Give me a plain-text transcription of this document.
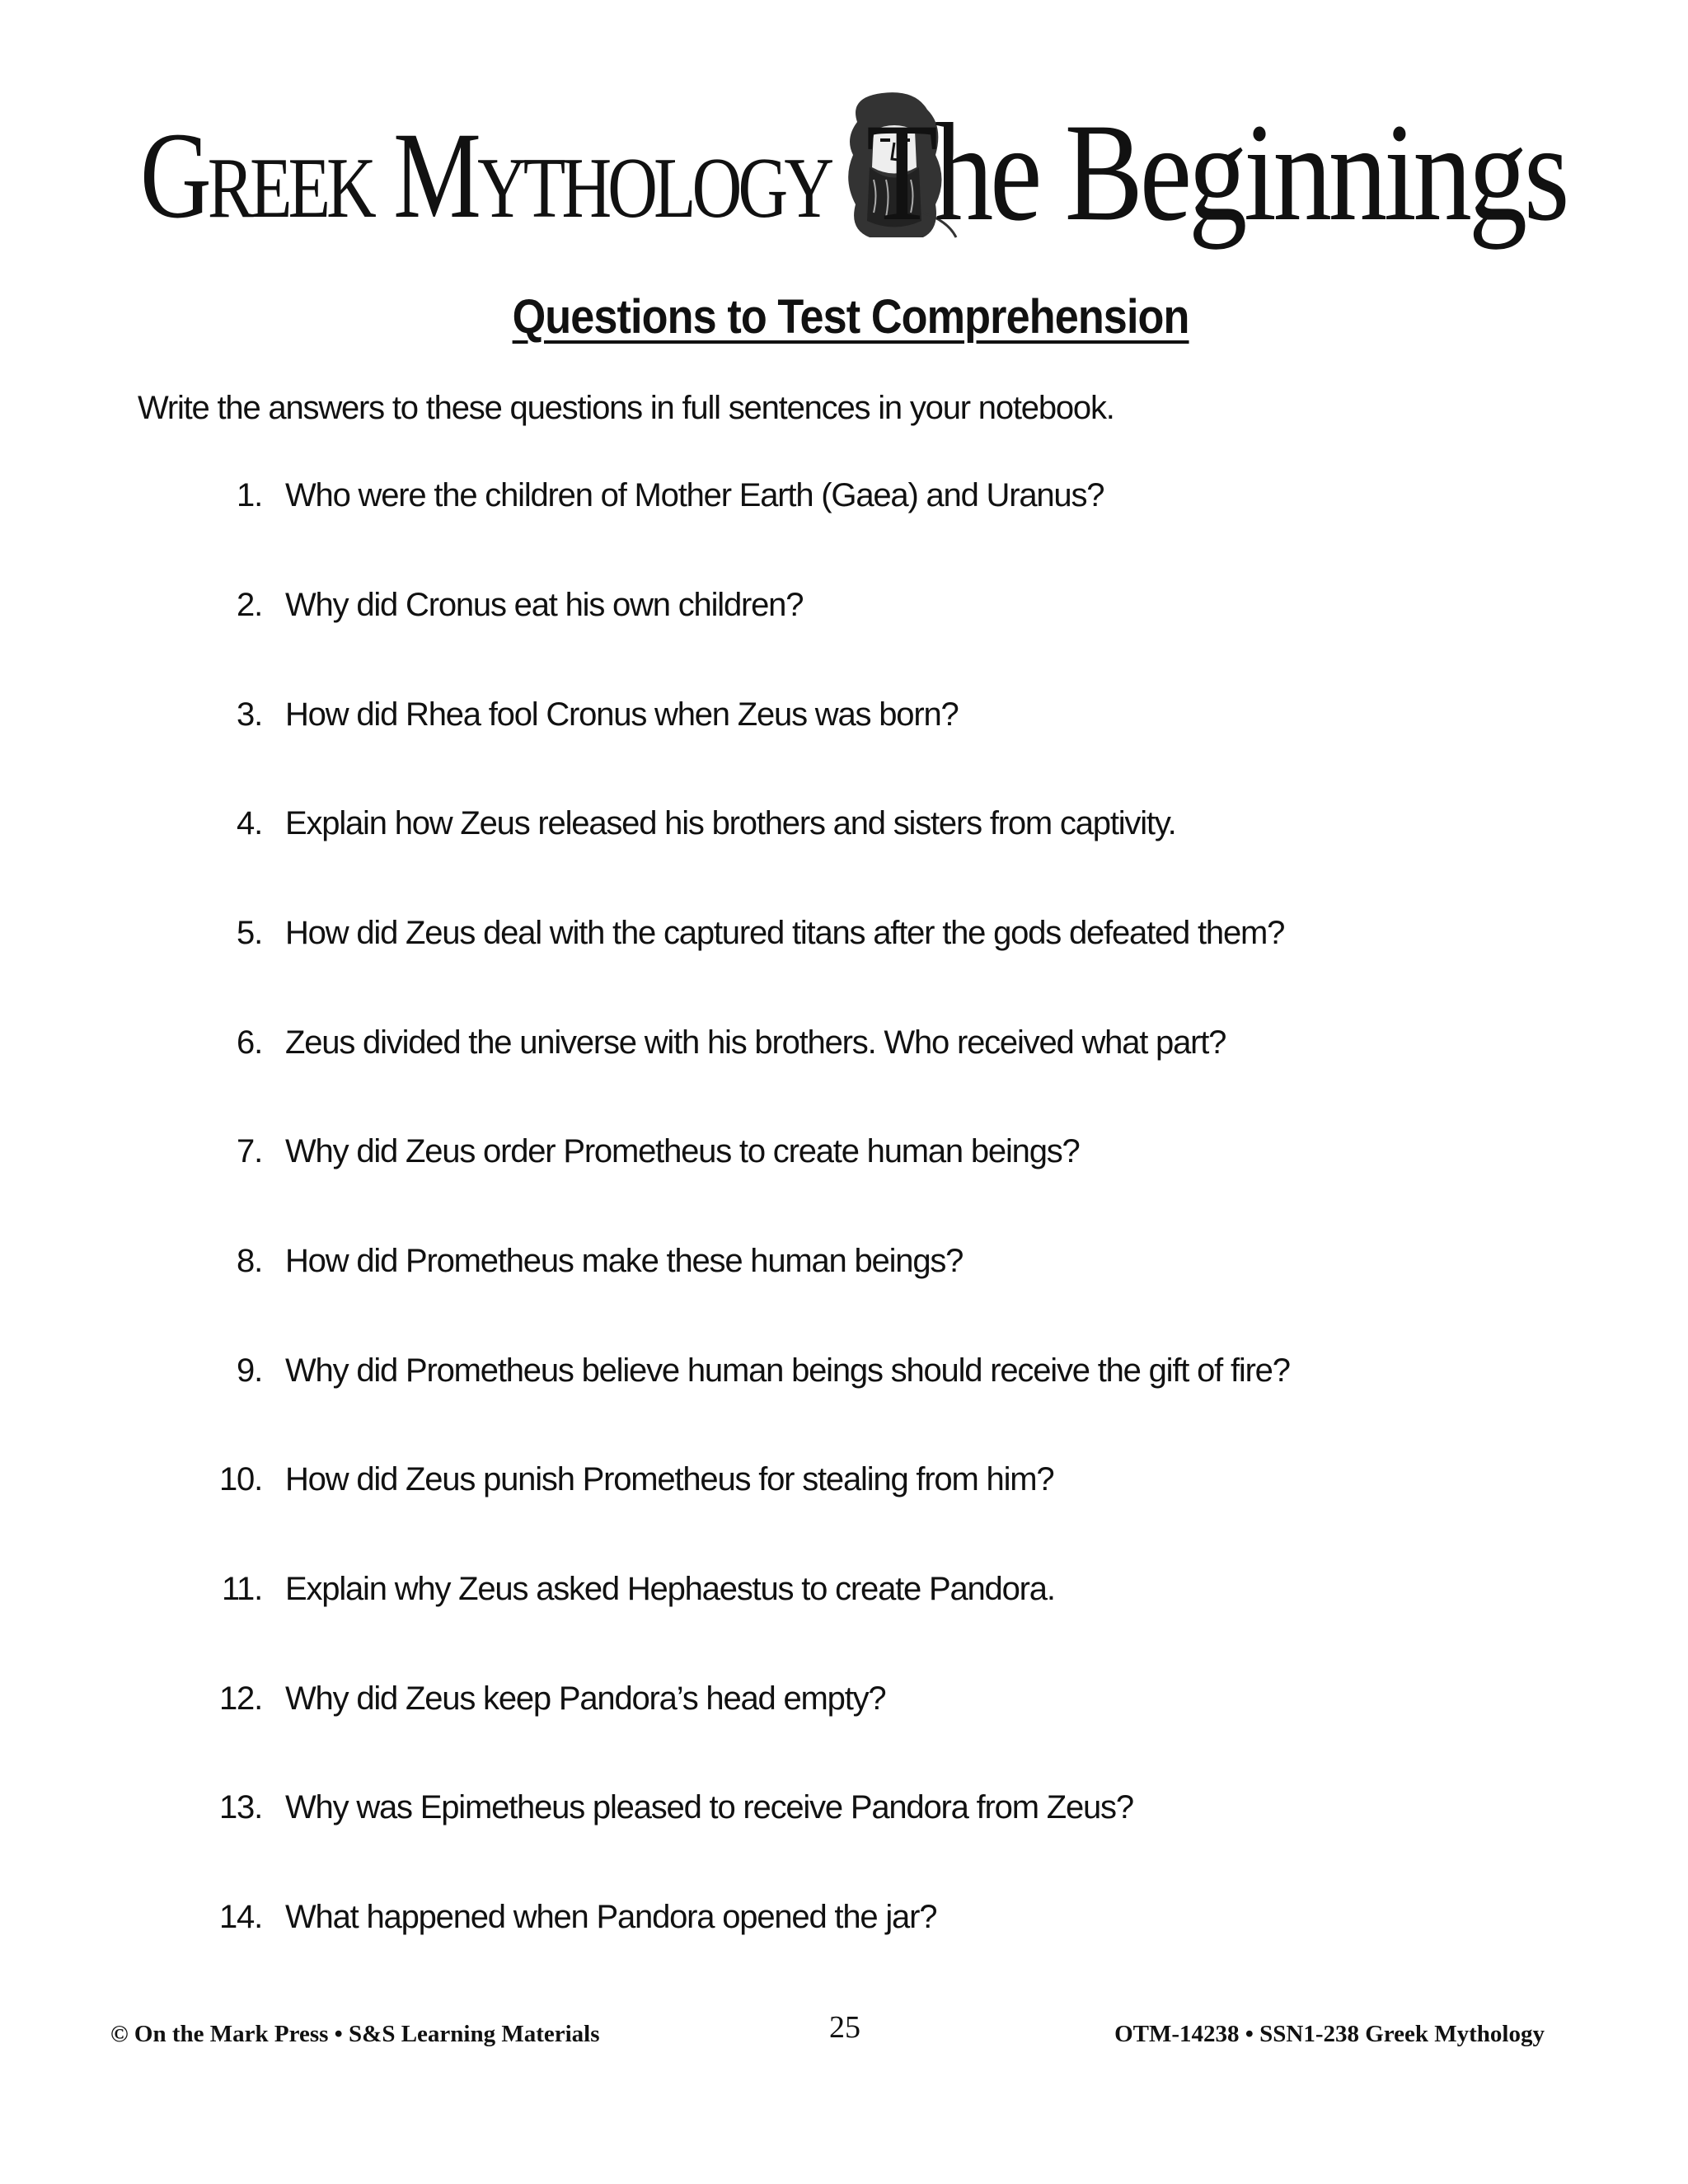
Greek Mythology The Beginnings
Questions to Test Comprehension
Write the answers to these questions in full sentences in your notebook.
1. Who were the children of Mother Earth (Gaea) and Uranus?
2. Why did Cronus eat his own children?
3. How did Rhea fool Cronus when Zeus was born?
4. Explain how Zeus released his brothers and sisters from captivity.
5. How did Zeus deal with the captured titans after the gods defeated them?
6. Zeus divided the universe with his brothers. Who received what part?
7. Why did Zeus order Prometheus to create human beings?
8. How did Prometheus make these human beings?
9. Why did Prometheus believe human beings should receive the gift of fire?
10. How did Zeus punish Prometheus for stealing from him?
11. Explain why Zeus asked Hephaestus to create Pandora.
12. Why did Zeus keep Pandora’s head empty?
13. Why was Epimetheus pleased to receive Pandora from Zeus?
14. What happened when Pandora opened the jar?
© On the Mark Press • S&S Learning Materials	25	OTM-14238 • SSN1-238 Greek Mythology
